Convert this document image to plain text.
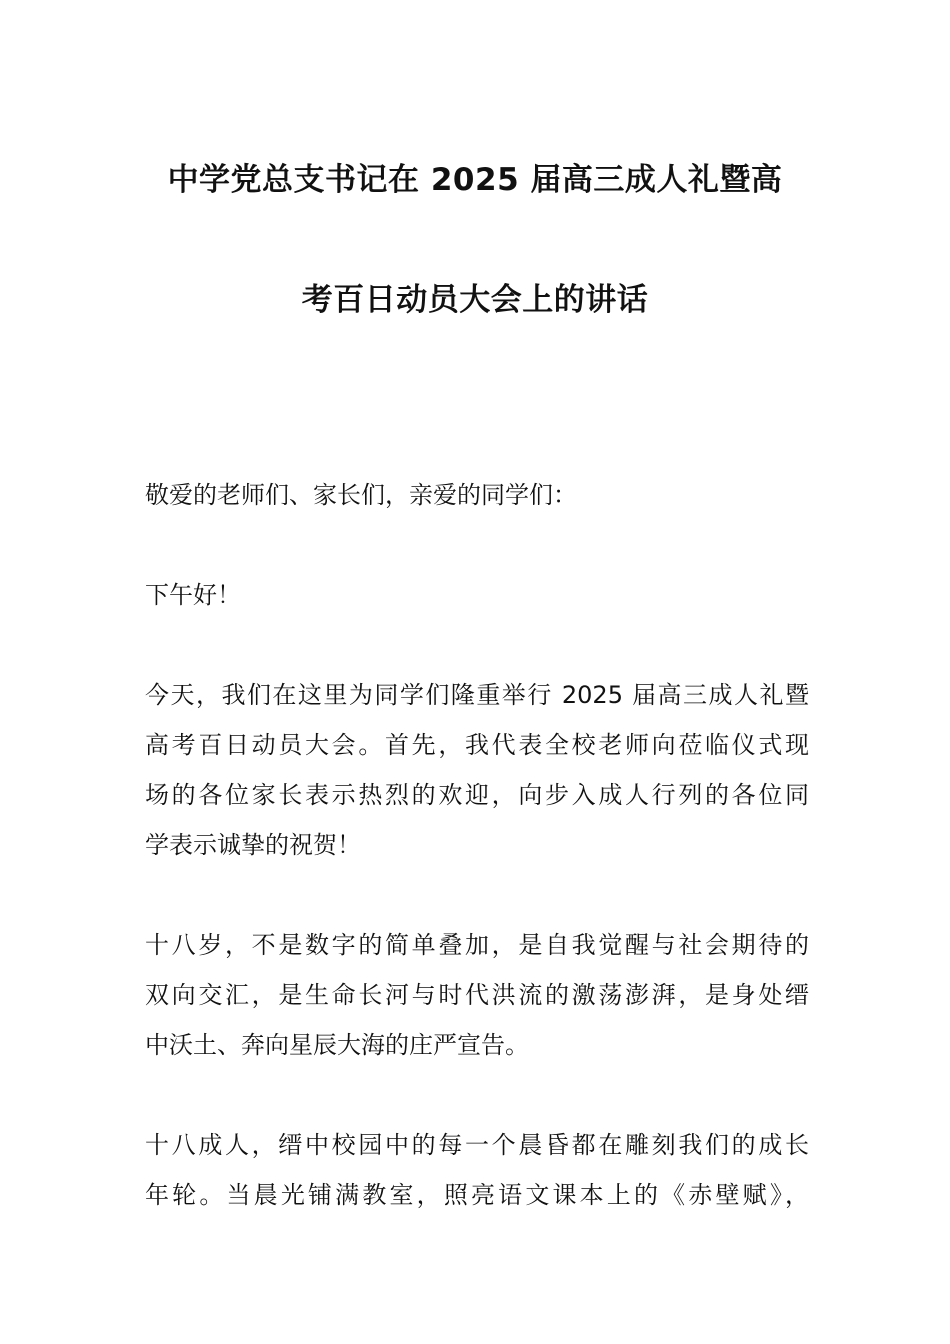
中学党总支书记在 2025 届高三成人礼暨高
考百日动员大会上的讲话
敬爱的老师们、家长们，亲爱的同学们：
下午好！
今天，我们在这里为同学们隆重举行 2025 届高三成人礼暨
高考百日动员大会。首先，我代表全校老师向莅临仪式现
场的各位家长表示热烈的欢迎，向步入成人行列的各位同
学表示诚挚的祝贺！
十八岁，不是数字的简单叠加，是自我觉醒与社会期待的
双向交汇，是生命长河与时代洪流的激荡澎湃，是身处缙
中沃土、奔向星辰大海的庄严宣告。
十八成人，缙中校园中的每一个晨昏都在雕刻我们的成长
年轮。当晨光铺满教室，照亮语文课本上的《赤壁赋》，
